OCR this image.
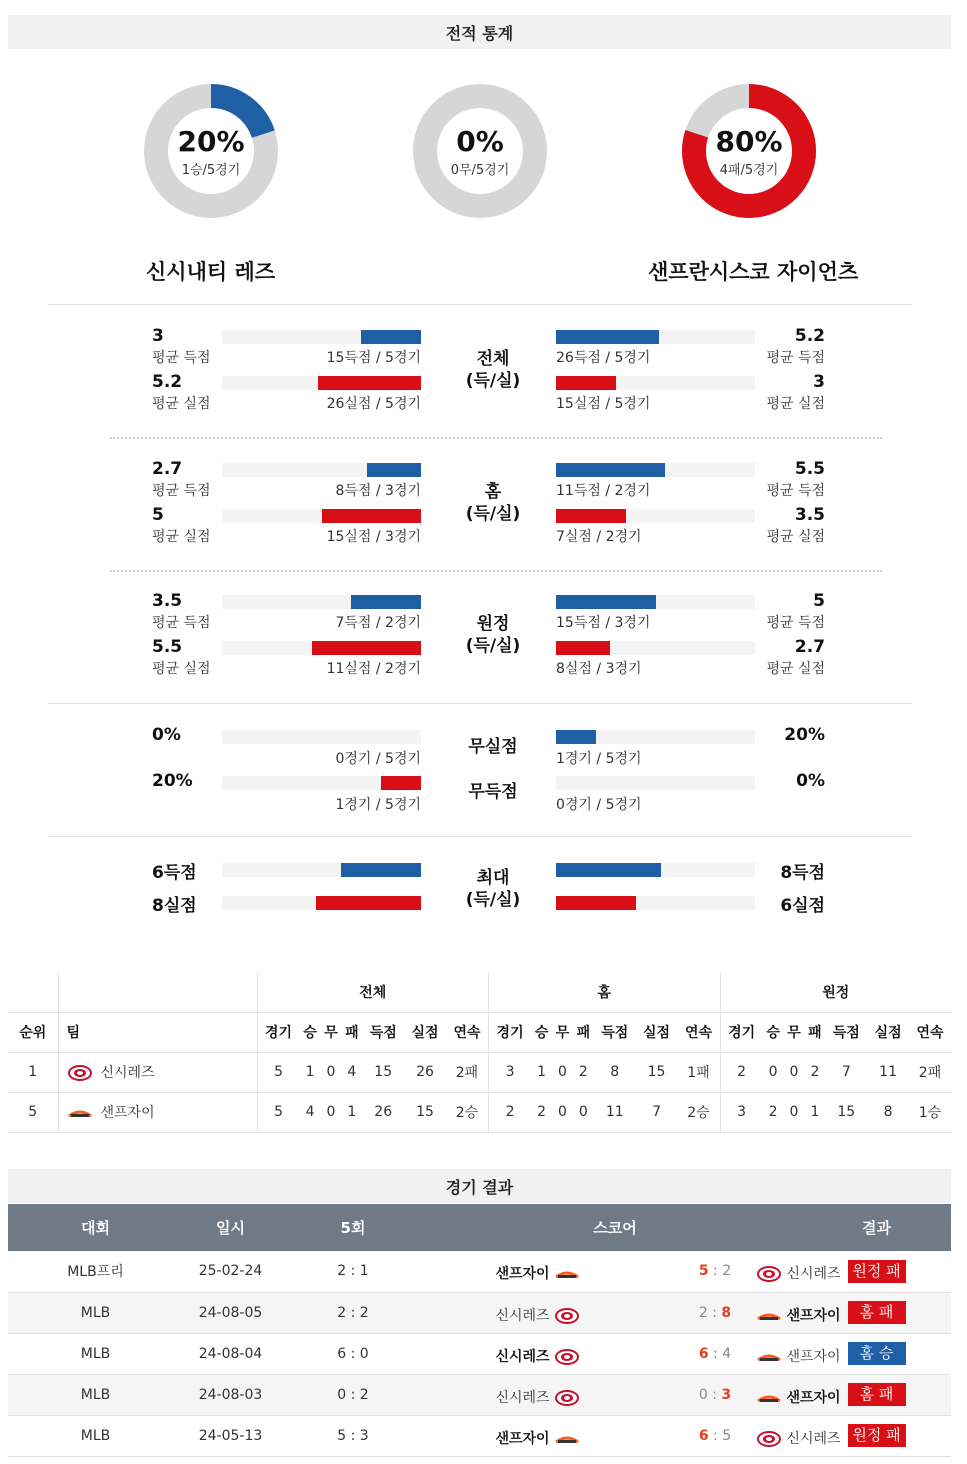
전적 통계
20%
1승/5경기
0%
0무/5경기
80%
4패/5경기
신시내티 레즈	샌프란시스코 자이언츠
3
평균 득점	15득점 / 5경기
5.2
평균 득점
26득점 / 5경기
5.2
평균 실점	26실점 / 5경기
3
평균 실점
15실점 / 5경기
전체
(득/실)
2.7
평균 득점	8득점 / 3경기
5.5
평균 득점
11득점 / 2경기
5
평균 실점	15실점 / 3경기
3.5
평균 실점
7실점 / 2경기
홈
(득/실)
3.5
평균 득점	7득점 / 2경기
5
평균 득점
15득점 / 3경기
5.5
평균 실점	11실점 / 2경기
2.7
평균 실점
8실점 / 3경기
원정
(득/실)
0%
0경기 / 5경기
20%
1경기 / 5경기
20%
1경기 / 5경기
0%
0경기 / 5경기
무실점
무득점
6득점	8득점
8실점	6실점
최대
(득/실)
		전체							홈							원정						
순위	팀	경기	승	무	패	득점	실점	연속	경기	승	무	패	득점	실점	연속	경기	승	무	패	득점	실점	연속
1	신시레즈	5	1	0	4	15	26	2패	3	1	0	2	8	15	1패	2	0	0	2	7	11	2패
5	샌프자이	5	4	0	1	26	15	2승	2	2	0	0	11	7	2승	3	2	0	1	15	8	1승
경기 결과
대회	일시	5회	스코어	결과
MLB프리	25-02-24	2 : 1	샌프자이 5 : 2 신시레즈	원정 패
MLB	24-08-05	2 : 2	신시레즈 2 : 8 샌프자이	홈 패
MLB	24-08-04	6 : 0	신시레즈 6 : 4 샌프자이	홈 승
MLB	24-08-03	0 : 2	신시레즈 0 : 3 샌프자이	홈 패
MLB	24-05-13	5 : 3	샌프자이 6 : 5 신시레즈	원정 패
